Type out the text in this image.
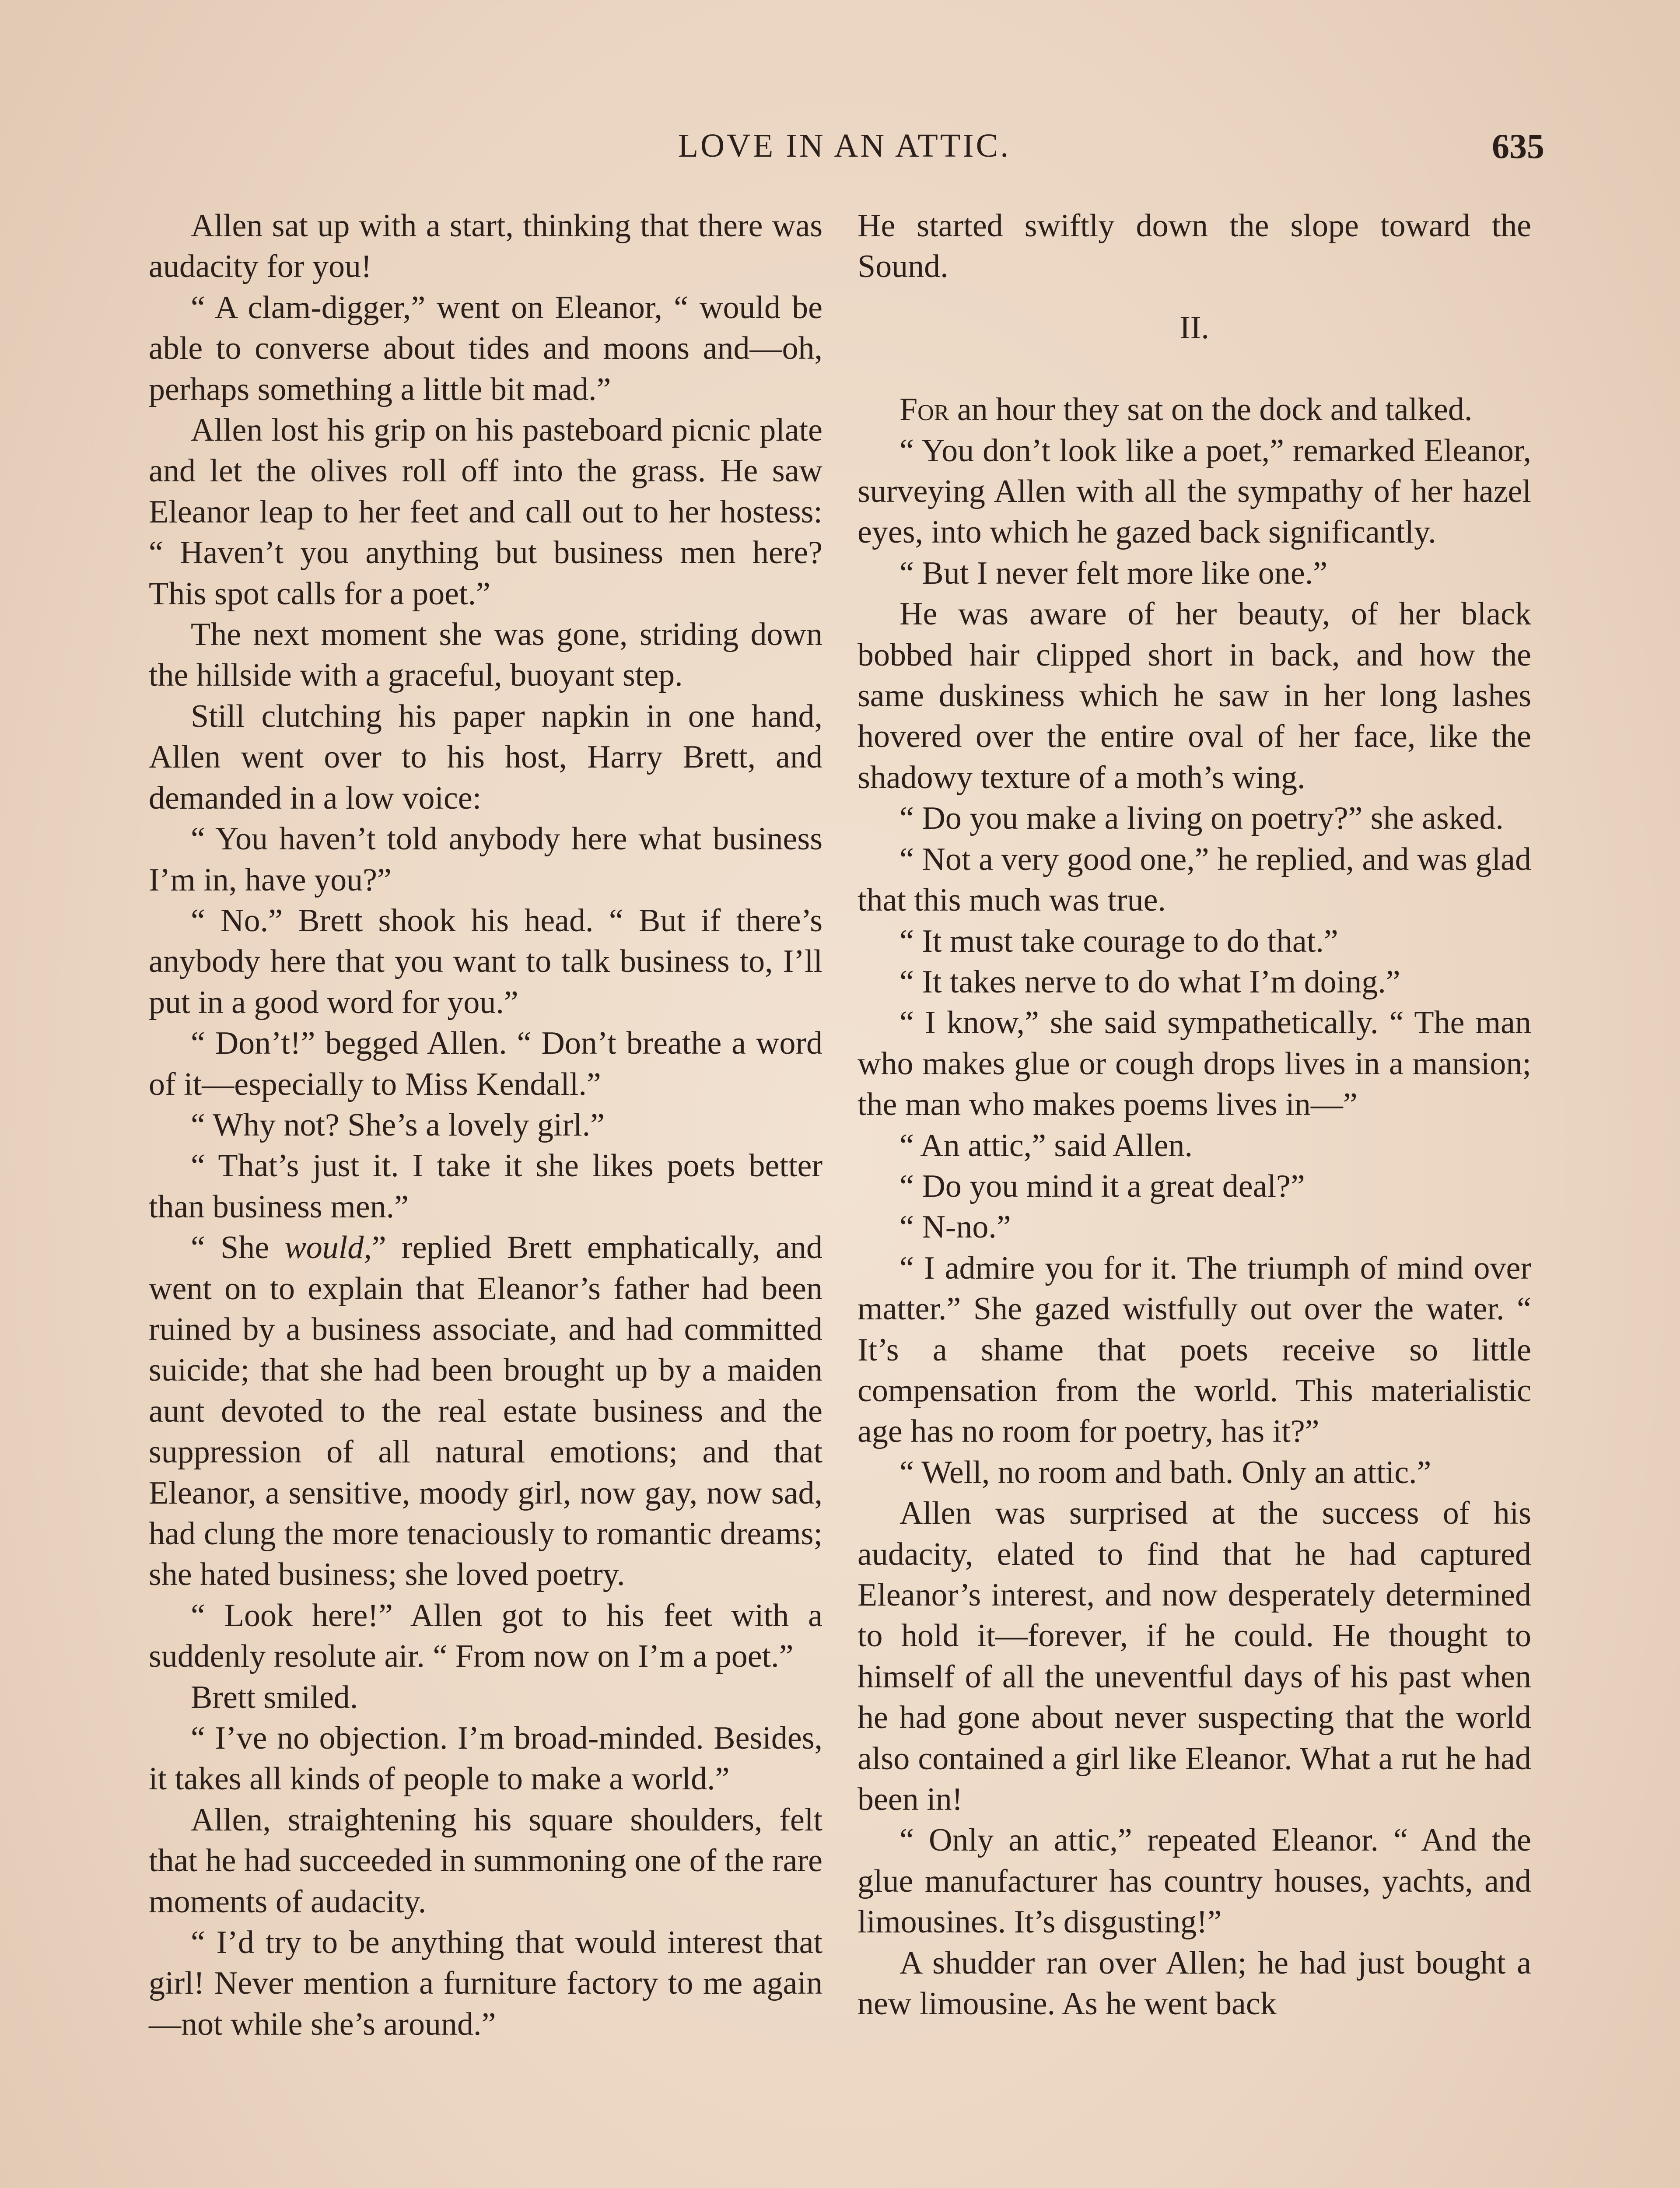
LOVE IN AN ATTIC.	635

Allen sat up with a start, thinking that there was audacity for you!

“ A clam-digger,” went on Eleanor, “ would be able to converse about tides and moons and—oh, perhaps something a little bit mad.”

Allen lost his grip on his pasteboard picnic plate and let the olives roll off into the grass. He saw Eleanor leap to her feet and call out to her hostess: “ Haven’t you anything but business men here? This spot calls for a poet.”

The next moment she was gone, striding down the hillside with a graceful, buoyant step.

Still clutching his paper napkin in one hand, Allen went over to his host, Harry Brett, and demanded in a low voice:

“ You haven’t told anybody here what business I’m in, have you?”

“ No.” Brett shook his head. “ But if there’s anybody here that you want to talk business to, I’ll put in a good word for you.”

“ Don’t!” begged Allen. “ Don’t breathe a word of it—especially to Miss Kendall.”

“ Why not? She’s a lovely girl.”

“ That’s just it. I take it she likes poets better than business men.”

“ She would,” replied Brett emphatically, and went on to explain that Eleanor’s father had been ruined by a business associate, and had committed suicide; that she had been brought up by a maiden aunt devoted to the real estate business and the suppression of all natural emotions; and that Eleanor, a sensitive, moody girl, now gay, now sad, had clung the more tenaciously to romantic dreams; she hated business; she loved poetry.

“ Look here!” Allen got to his feet with a suddenly resolute air. “ From now on I’m a poet.”

Brett smiled.

“ I’ve no objection. I’m broad-minded. Besides, it takes all kinds of people to make a world.”

Allen, straightening his square shoulders, felt that he had succeeded in summoning one of the rare moments of audacity.

“ I’d try to be anything that would interest that girl! Never mention a furniture factory to me again—not while she’s around.”

He started swiftly down the slope toward the Sound.

II.

For an hour they sat on the dock and talked.

“ You don’t look like a poet,” remarked Eleanor, surveying Allen with all the sympathy of her hazel eyes, into which he gazed back significantly.

“ But I never felt more like one.”

He was aware of her beauty, of her black bobbed hair clipped short in back, and how the same duskiness which he saw in her long lashes hovered over the entire oval of her face, like the shadowy texture of a moth’s wing.

“ Do you make a living on poetry?” she asked.

“ Not a very good one,” he replied, and was glad that this much was true.

“ It must take courage to do that.”

“ It takes nerve to do what I’m doing.”

“ I know,” she said sympathetically. “ The man who makes glue or cough drops lives in a mansion; the man who makes poems lives in—”

“ An attic,” said Allen.

“ Do you mind it a great deal?”

“ N-no.”

“ I admire you for it. The triumph of mind over matter.” She gazed wistfully out over the water. “ It’s a shame that poets receive so little compensation from the world. This materialistic age has no room for poetry, has it?”

“ Well, no room and bath. Only an attic.”

Allen was surprised at the success of his audacity, elated to find that he had captured Eleanor’s interest, and now desperately determined to hold it—forever, if he could. He thought to himself of all the uneventful days of his past when he had gone about never suspecting that the world also contained a girl like Eleanor. What a rut he had been in!

“ Only an attic,” repeated Eleanor. “ And the glue manufacturer has country houses, yachts, and limousines. It’s disgusting!”

A shudder ran over Allen; he had just bought a new limousine. As he went back
